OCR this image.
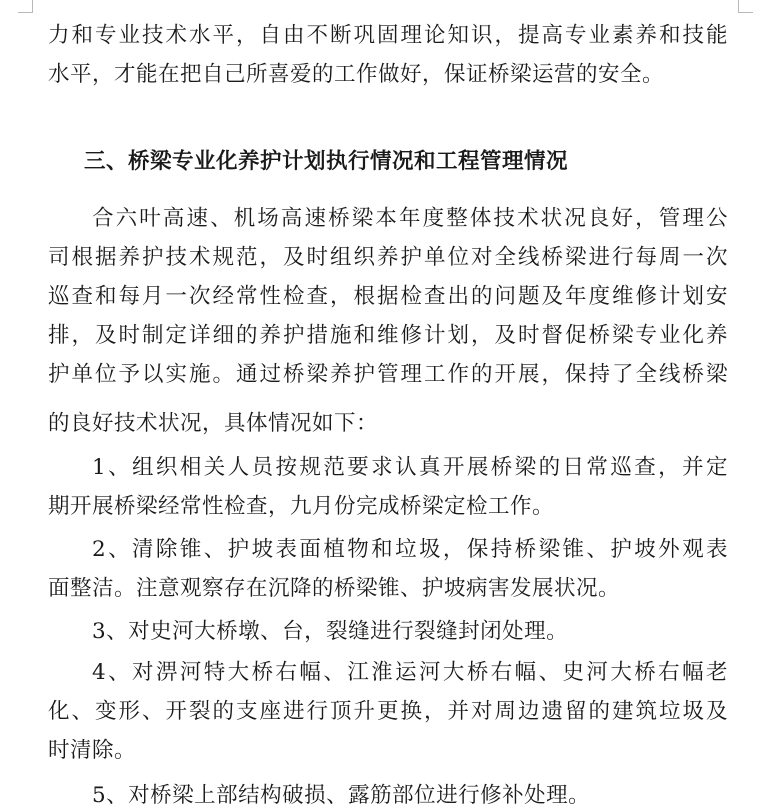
力和专业技术水平，自由不断巩固理论知识，提高专业素养和技能
水平，才能在把自己所喜爱的工作做好，保证桥梁运营的安全。
三、桥梁专业化养护计划执行情况和工程管理情况
合六叶高速、机场高速桥梁本年度整体技术状况良好，管理公
司根据养护技术规范，及时组织养护单位对全线桥梁进行每周一次
巡查和每月一次经常性检查，根据检查出的问题及年度维修计划安
排，及时制定详细的养护措施和维修计划，及时督促桥梁专业化养
护单位予以实施。通过桥梁养护管理工作的开展，保持了全线桥梁
的良好技术状况，具体情况如下：
1、组织相关人员按规范要求认真开展桥梁的日常巡查，并定
期开展桥梁经常性检查，九月份完成桥梁定检工作。
2、清除锥、护坡表面植物和垃圾，保持桥梁锥、护坡外观表
面整洁。注意观察存在沉降的桥梁锥、护坡病害发展状况。
3、对史河大桥墩、台，裂缝进行裂缝封闭处理。
4、对淠河特大桥右幅、江淮运河大桥右幅、史河大桥右幅老
化、变形、开裂的支座进行顶升更换，并对周边遗留的建筑垃圾及
时清除。
5、对桥梁上部结构破损、露筋部位进行修补处理。
